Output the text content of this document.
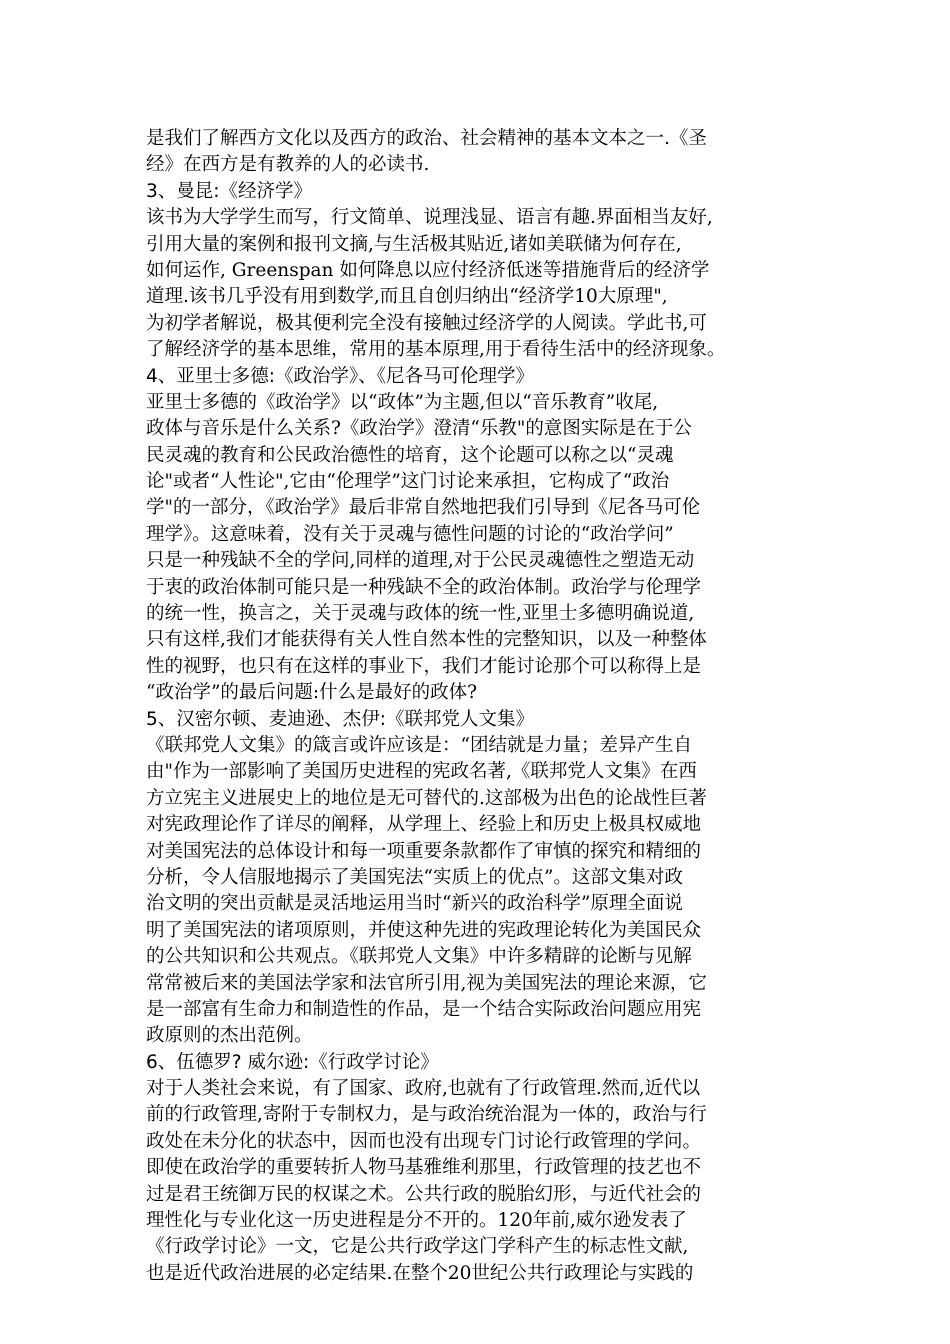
是我们了解西方文化以及西方的政治、社会精神的基本文本之一.《圣
经》在西方是有教养的人的必读书.
3、曼昆:《经济学》
该书为大学学生而写，行文简单、说理浅显、语言有趣.界面相当友好,
引用大量的案例和报刊文摘,与生活极其贴近,诸如美联储为何存在,
如何运作, Greenspan 如何降息以应付经济低迷等措施背后的经济学
道理.该书几乎没有用到数学,而且自创归纳出“经济学10大原理",
为初学者解说，极其便利完全没有接触过经济学的人阅读。学此书,可
了解经济学的基本思维，常用的基本原理,用于看待生活中的经济现象。
4、亚里士多德:《政治学》、《尼各马可伦理学》
亚里士多德的《政治学》以“政体”为主题,但以“音乐教育”收尾,
政体与音乐是什么关系?《政治学》澄清“乐教"的意图实际是在于公
民灵魂的教育和公民政治德性的培育，这个论题可以称之以“灵魂
论"或者“人性论",它由“伦理学”这门讨论来承担，它构成了“政治
学"的一部分，《政治学》最后非常自然地把我们引导到《尼各马可伦
理学》。这意味着，没有关于灵魂与德性问题的讨论的“政治学问”
只是一种残缺不全的学问,同样的道理,对于公民灵魂德性之塑造无动
于衷的政治体制可能只是一种残缺不全的政治体制。政治学与伦理学
的统一性，换言之，关于灵魂与政体的统一性,亚里士多德明确说道,
只有这样,我们才能获得有关人性自然本性的完整知识，以及一种整体
性的视野，也只有在这样的事业下，我们才能讨论那个可以称得上是
“政治学”的最后问题:什么是最好的政体?
5、汉密尔顿、麦迪逊、杰伊:《联邦党人文集》
《联邦党人文集》的箴言或许应该是：“团结就是力量；差异产生自
由"作为一部影响了美国历史进程的宪政名著,《联邦党人文集》在西
方立宪主义进展史上的地位是无可替代的.这部极为出色的论战性巨著
对宪政理论作了详尽的阐释，从学理上、经验上和历史上极具权威地
对美国宪法的总体设计和每一项重要条款都作了审慎的探究和精细的
分析，令人信服地揭示了美国宪法“实质上的优点”。这部文集对政
治文明的突出贡献是灵活地运用当时“新兴的政治科学”原理全面说
明了美国宪法的诸项原则，并使这种先进的宪政理论转化为美国民众
的公共知识和公共观点。《联邦党人文集》中许多精辟的论断与见解
常常被后来的美国法学家和法官所引用,视为美国宪法的理论来源，它
是一部富有生命力和制造性的作品，是一个结合实际政治问题应用宪
政原则的杰出范例。
6、伍德罗? 威尔逊:《行政学讨论》
对于人类社会来说，有了国家、政府,也就有了行政管理.然而,近代以
前的行政管理,寄附于专制权力，是与政治统治混为一体的，政治与行
政处在未分化的状态中，因而也没有出现专门讨论行政管理的学问。
即使在政治学的重要转折人物马基雅维利那里，行政管理的技艺也不
过是君王统御万民的权谋之术。公共行政的脱胎幻形，与近代社会的
理性化与专业化这一历史进程是分不开的。120年前,威尔逊发表了
《行政学讨论》一文，它是公共行政学这门学科产生的标志性文献,
也是近代政治进展的必定结果.在整个20世纪公共行政理论与实践的
